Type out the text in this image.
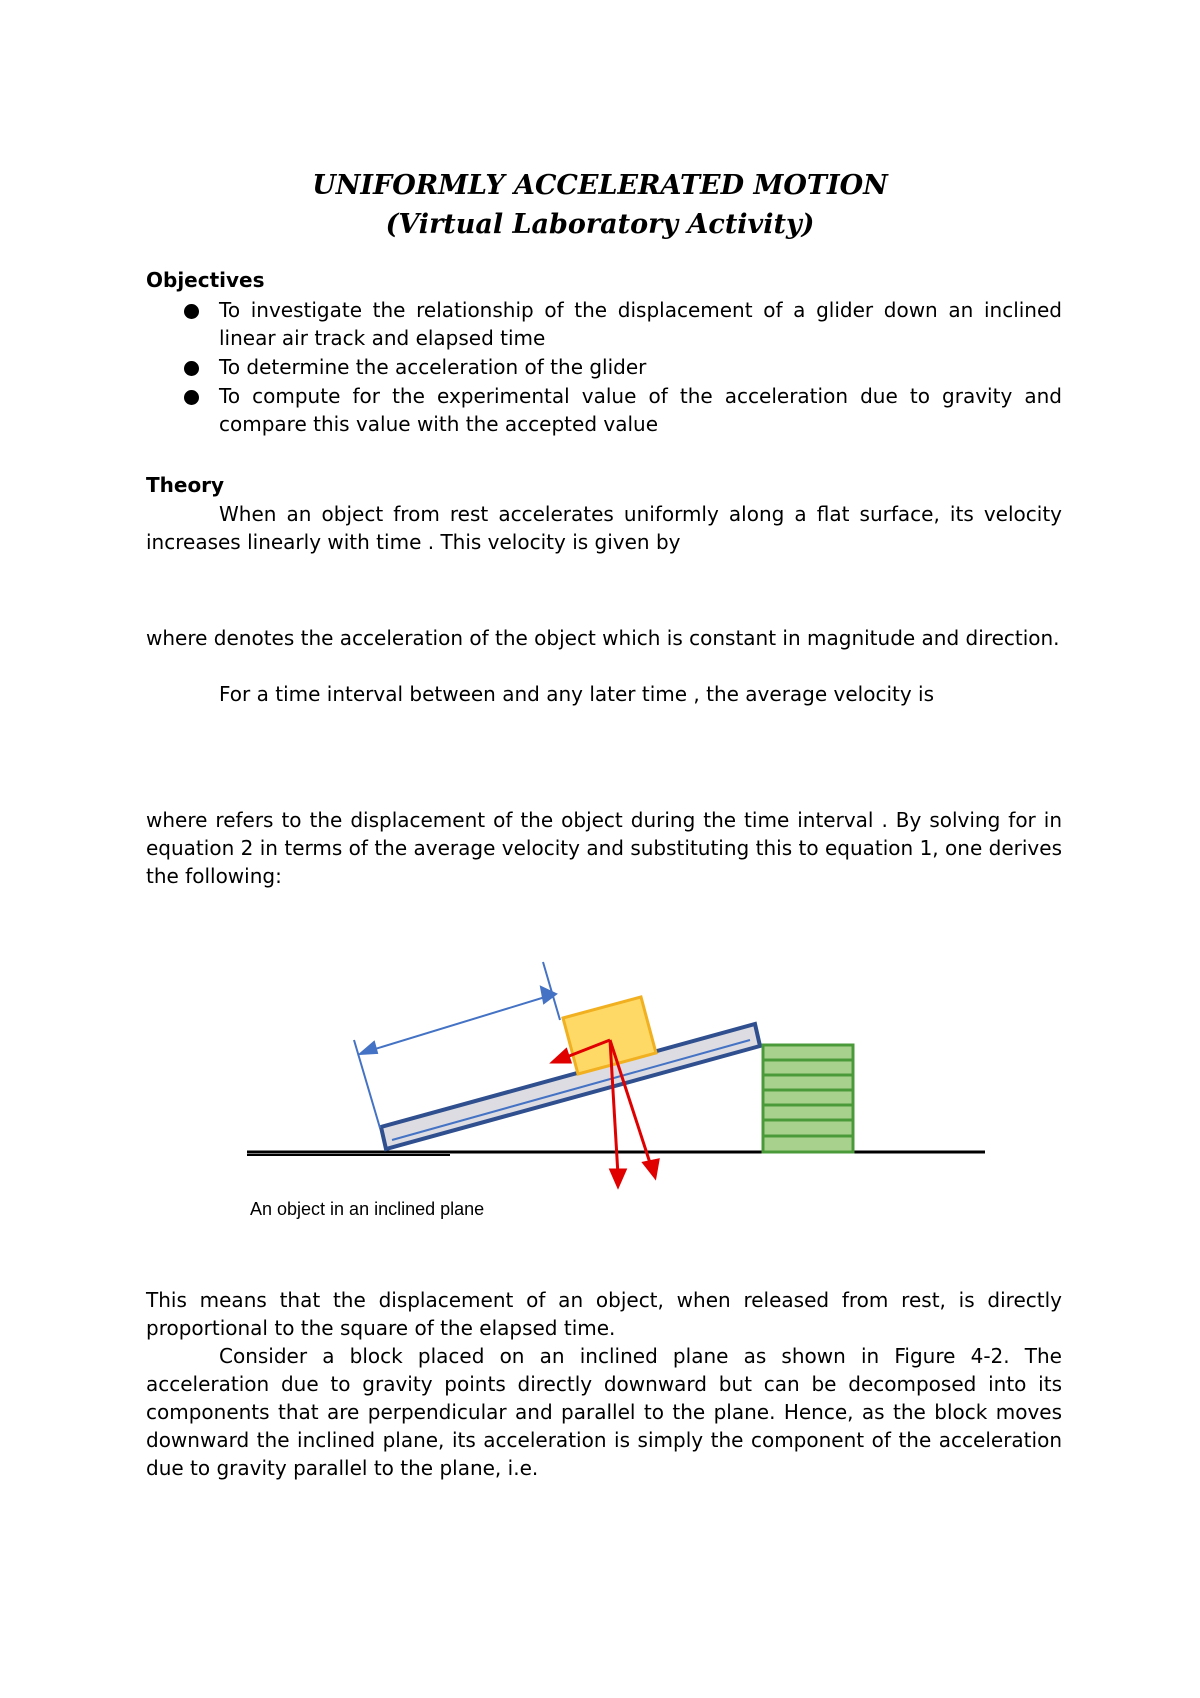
UNIFORMLY ACCELERATED MOTION
(Virtual Laboratory Activity)
Objectives
To investigate the relationship of the displacement of a glider down an inclined linear air track and elapsed time
To determine the acceleration of the glider
To compute for the experimental value of the acceleration due to gravity and compare this value with the accepted value
Theory

When an object from rest accelerates uniformly along a flat surface, its velocity increases linearly with time . This velocity is given by

where denotes the acceleration of the object which is constant in magnitude and direction.

For a time interval between and any later time , the average velocity is

where refers to the displacement of the object during the time interval . By solving for in equation 2 in terms of the average velocity and substituting this to equation 1, one derives the following:

An object in an inclined plane

This means that the displacement of an object, when released from rest, is directly proportional to the square of the elapsed time.

Consider a block placed on an inclined plane as shown in Figure 4-2. The acceleration due to gravity points directly downward but can be decomposed into its components that are perpendicular and parallel to the plane. Hence, as the block moves downward the inclined plane, its acceleration is simply the component of the acceleration due to gravity parallel to the plane, i.e.
